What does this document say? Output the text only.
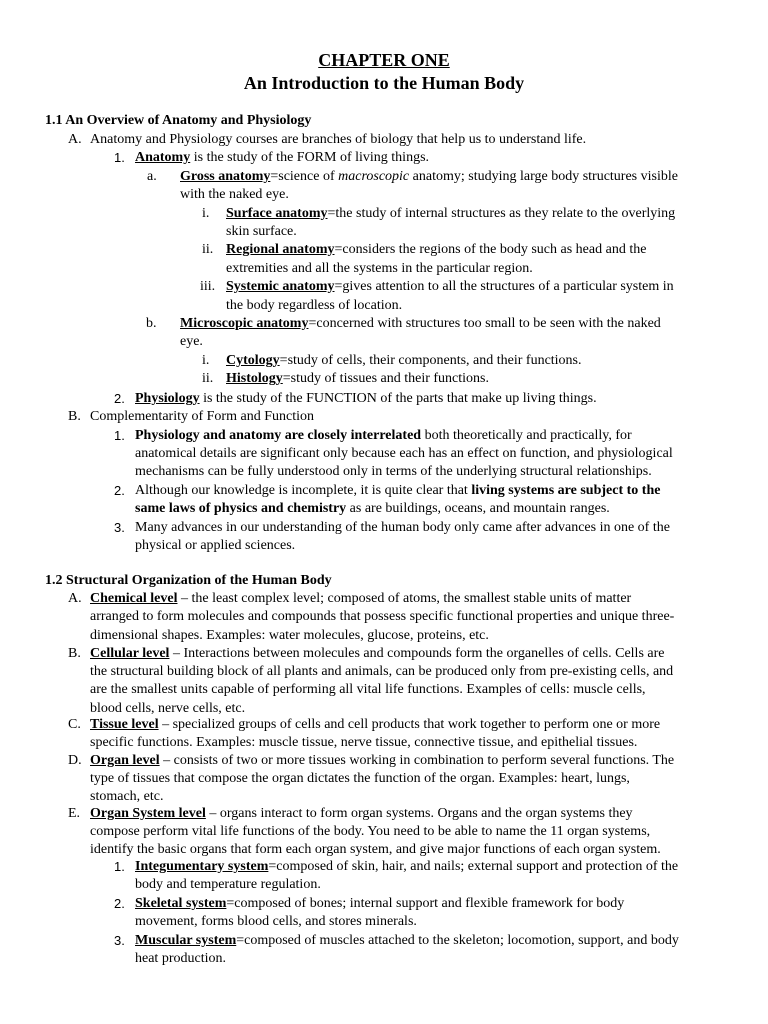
CHAPTER ONE
An Introduction to the Human Body
1.1 An Overview of Anatomy and Physiology
A. Anatomy and Physiology courses are branches of biology that help us to understand life.
1. Anatomy is the study of the FORM of living things.
a. Gross anatomy=science of macroscopic anatomy; studying large body structures visible
with the naked eye.
i. Surface anatomy=the study of internal structures as they relate to the overlying
skin surface.
ii. Regional anatomy=considers the regions of the body such as head and the
extremities and all the systems in the particular region.
iii. Systemic anatomy=gives attention to all the structures of a particular system in
the body regardless of location.
b. Microscopic anatomy=concerned with structures too small to be seen with the naked
eye.
i. Cytology=study of cells, their components, and their functions.
ii. Histology=study of tissues and their functions.
2. Physiology is the study of the FUNCTION of the parts that make up living things.
B. Complementarity of Form and Function
1. Physiology and anatomy are closely interrelated both theoretically and practically, for
anatomical details are significant only because each has an effect on function, and physiological
mechanisms can be fully understood only in terms of the underlying structural relationships.
2. Although our knowledge is incomplete, it is quite clear that living systems are subject to the
same laws of physics and chemistry as are buildings, oceans, and mountain ranges.
3. Many advances in our understanding of the human body only came after advances in one of the
physical or applied sciences.
1.2 Structural Organization of the Human Body
A. Chemical level – the least complex level; composed of atoms, the smallest stable units of matter
arranged to form molecules and compounds that possess specific functional properties and unique three-
dimensional shapes. Examples: water molecules, glucose, proteins, etc.
B. Cellular level – Interactions between molecules and compounds form the organelles of cells. Cells are
the structural building block of all plants and animals, can be produced only from pre-existing cells, and
are the smallest units capable of performing all vital life functions. Examples of cells: muscle cells,
blood cells, nerve cells, etc.
C. Tissue level – specialized groups of cells and cell products that work together to perform one or more
specific functions. Examples: muscle tissue, nerve tissue, connective tissue, and epithelial tissues.
D. Organ level – consists of two or more tissues working in combination to perform several functions. The
type of tissues that compose the organ dictates the function of the organ. Examples: heart, lungs,
stomach, etc.
E. Organ System level – organs interact to form organ systems. Organs and the organ systems they
compose perform vital life functions of the body. You need to be able to name the 11 organ systems,
identify the basic organs that form each organ system, and give major functions of each organ system.
1. Integumentary system=composed of skin, hair, and nails; external support and protection of the
body and temperature regulation.
2. Skeletal system=composed of bones; internal support and flexible framework for body
movement, forms blood cells, and stores minerals.
3. Muscular system=composed of muscles attached to the skeleton; locomotion, support, and body
heat production.
